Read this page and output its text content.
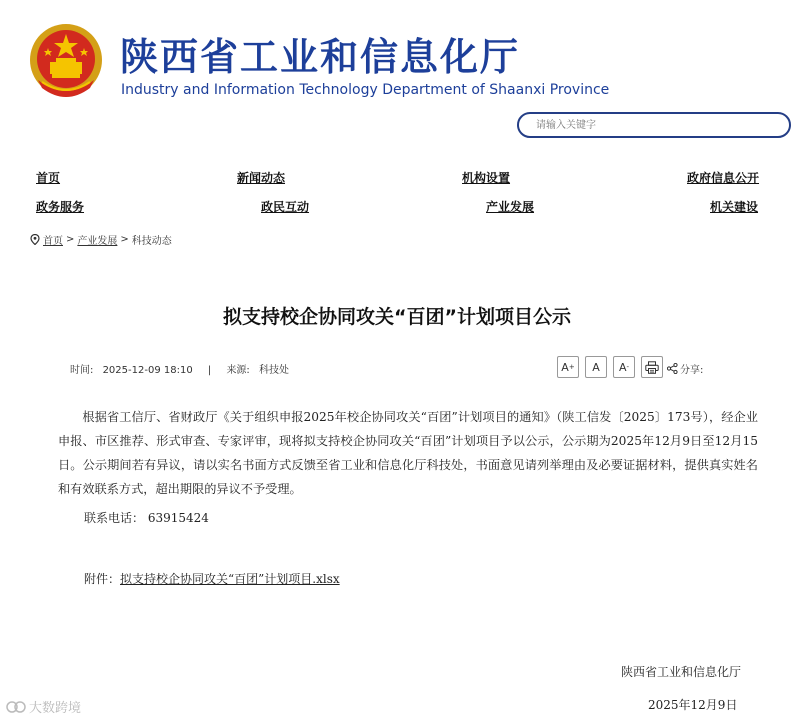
陕西省工业和信息化厅
Industry and Information Technology Department of Shaanxi Province
请输入关键字
首页	新闻动态	机构设置	政府信息公开
政务服务	政民互动	产业发展	机关建设
首页 > 产业发展 > 科技动态
拟支持校企协同攻关“百团”计划项目公示
时间: 2025-12-09 18:10 | 来源: 科技处	A + A A -	分享:

根据省工信厅、省财政厅《关于组织申报2025年校企协同攻关“百团”计划项目的通知》（陕工信发〔2025〕173号），经企业申报、市区推荐、形式审查、专家评审，现将拟支持校企协同攻关“百团”计划项目予以公示，公示期为2025年12月9日至12月15日。公示期间若有异议，请以实名书面方式反馈至省工业和信息化厅科技处，书面意见请列举理由及必要证据材料，提供真实姓名和有效联系方式，超出期限的异议不予受理。

联系电话： 63915424
附件：拟支持校企协同攻关“百团”计划项目.xlsx
陕西省工业和信息化厅
2025年12月9日
大数跨境
